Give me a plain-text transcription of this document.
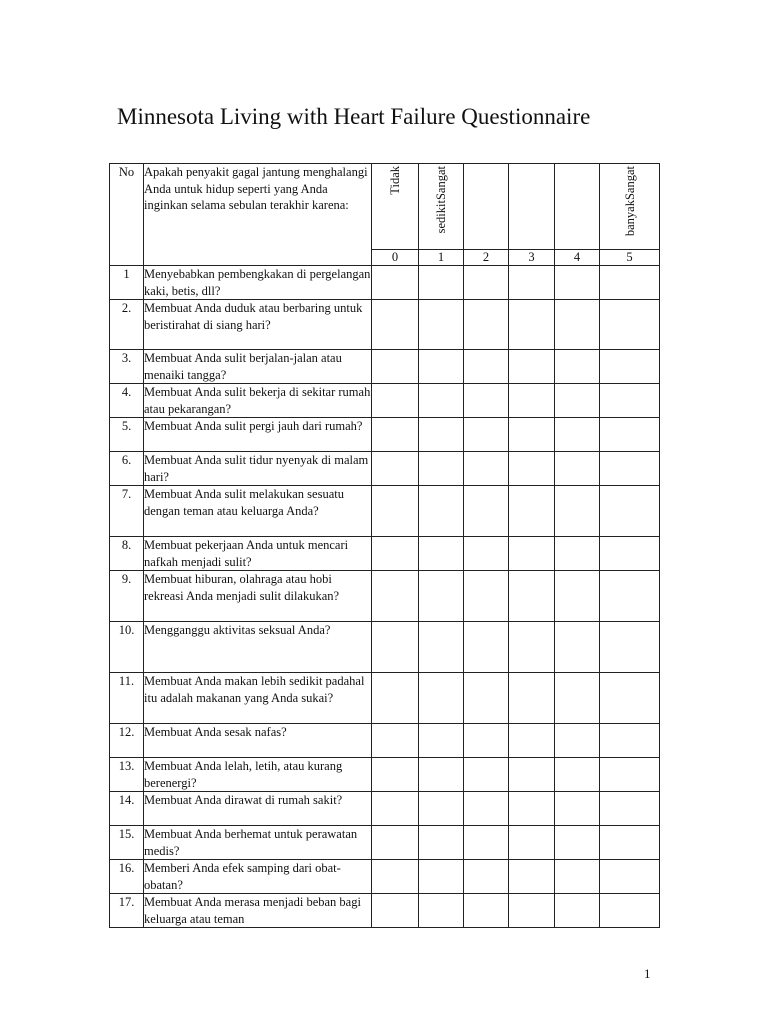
Minnesota Living with Heart Failure Questionnaire
No	Apakah penyakit gagal jantung menghalangi Anda untuk hidup seperti yang Anda inginkan selama sebulan terakhir karena:	Tidak	sedikitSangat				banyakSangat

		0	1	2	3	4	5
1	Menyebabkan pembengkakan di pergelangan kaki, betis, dll?						
2.	Membuat Anda duduk atau berbaring untuk beristirahat di siang hari?						
3.	Membuat Anda sulit berjalan-jalan atau menaiki tangga?						
4.	Membuat Anda sulit bekerja di sekitar rumah atau pekarangan?						
5.	Membuat Anda sulit pergi jauh dari rumah?						
6.	Membuat Anda sulit tidur nyenyak di malam hari?						
7.	Membuat Anda sulit melakukan sesuatu dengan teman atau keluarga Anda?						
8.	Membuat pekerjaan Anda untuk mencari nafkah menjadi sulit?						
9.	Membuat hiburan, olahraga atau hobi rekreasi Anda menjadi sulit dilakukan?						
10.	Mengganggu aktivitas seksual Anda?						
11.	Membuat Anda makan lebih sedikit padahal itu adalah makanan yang Anda sukai?						
12.	Membuat Anda sesak nafas?						
13.	Membuat Anda lelah, letih, atau kurang berenergi?						
14.	Membuat Anda dirawat di rumah sakit?						
15.	Membuat Anda berhemat untuk perawatan medis?						
16.	Memberi Anda efek samping dari obat-obatan?						
17.	Membuat Anda merasa menjadi beban bagi keluarga atau teman						
1
